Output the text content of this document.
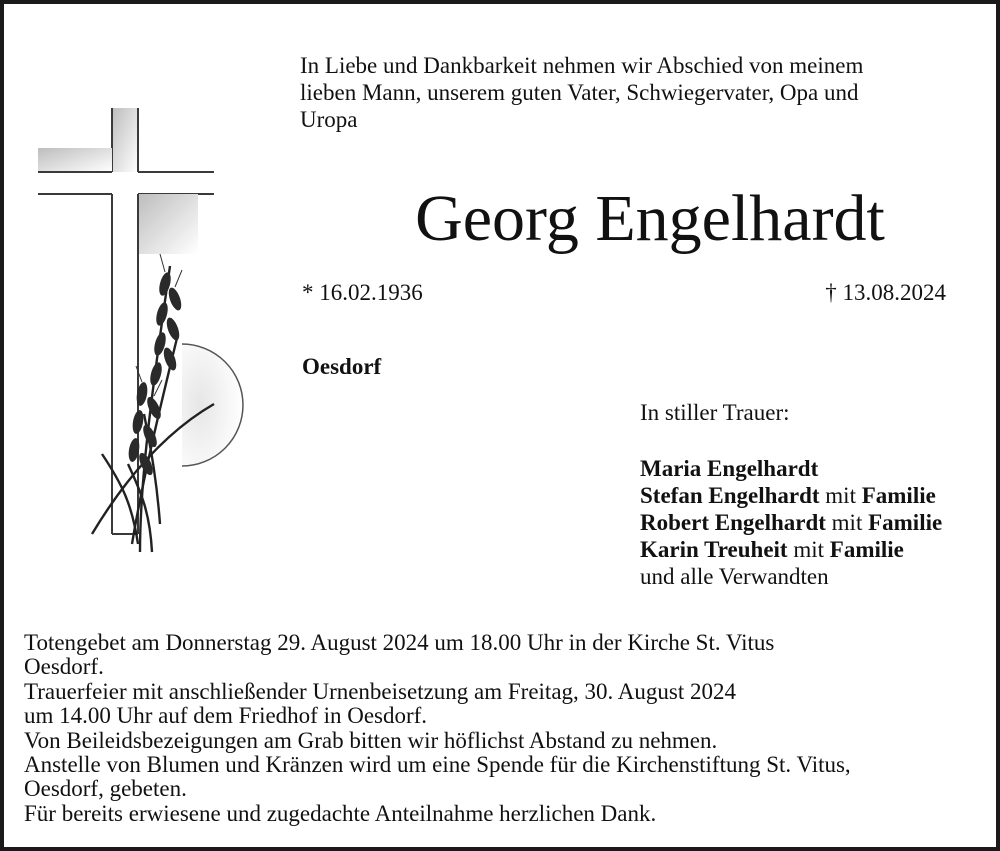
In Liebe und Dankbarkeit nehmen wir Abschied von meinem
lieben Mann, unserem guten Vater, Schwiegervater, Opa und
Uropa
Georg Engelhardt
* 16.02.1936	† 13.08.2024
Oesdorf
In stiller Trauer:
Maria Engelhardt
Stefan Engelhardt mit Familie
Robert Engelhardt mit Familie
Karin Treuheit mit Familie
und alle Verwandten
Totengebet am Donnerstag 29. August 2024 um 18.00 Uhr in der Kirche St. Vitus
Oesdorf.
Trauerfeier mit anschließender Urnenbeisetzung am Freitag, 30. August 2024
um 14.00 Uhr auf dem Friedhof in Oesdorf.
Von Beileidsbezeigungen am Grab bitten wir höflichst Abstand zu nehmen.
Anstelle von Blumen und Kränzen wird um eine Spende für die Kirchenstiftung St. Vitus,
Oesdorf, gebeten.
Für bereits erwiesene und zugedachte Anteilnahme herzlichen Dank.
